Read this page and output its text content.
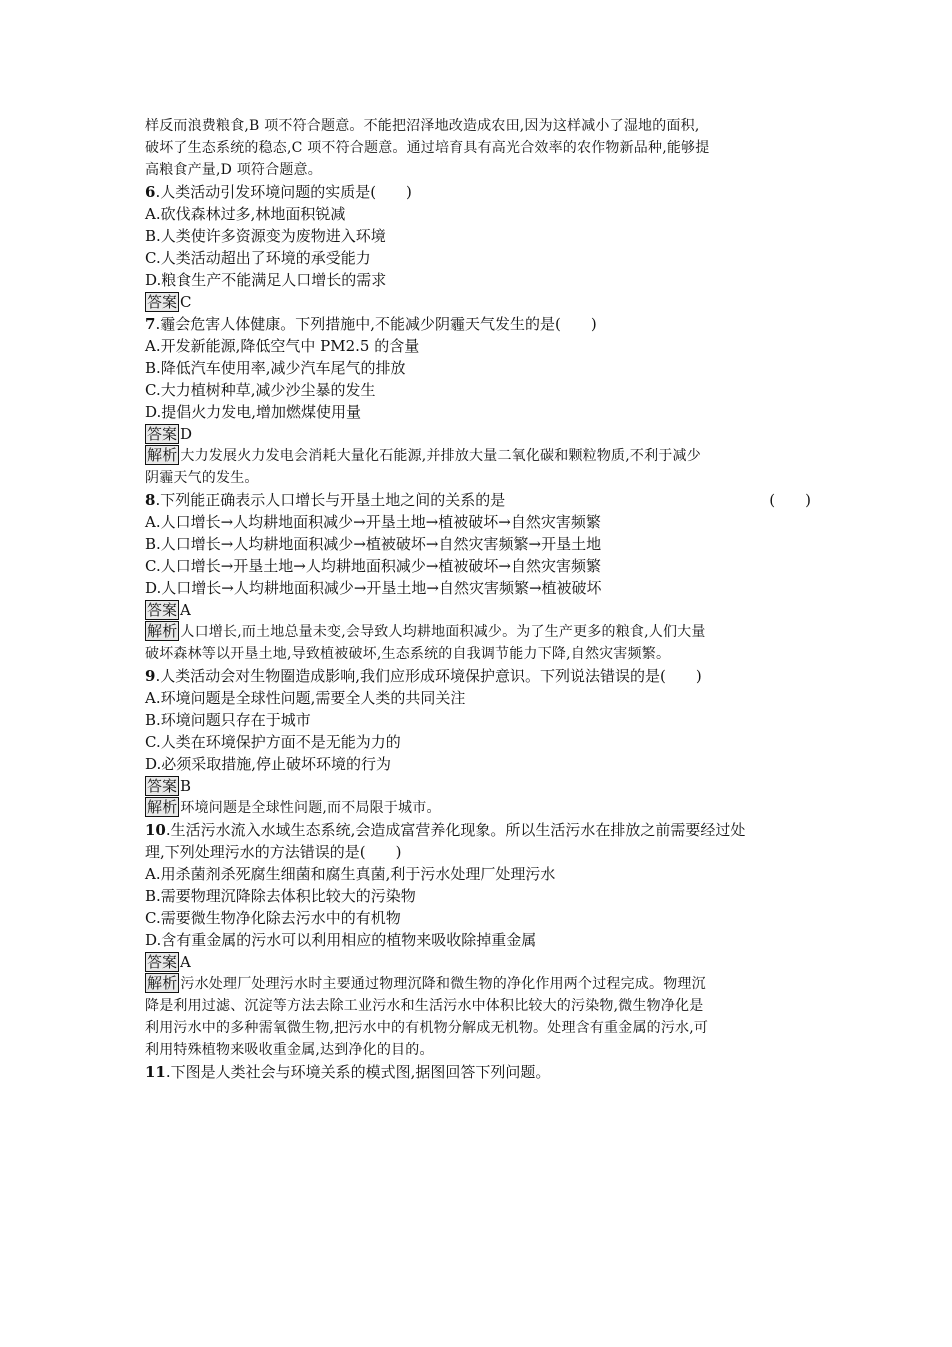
样反而浪费粮食,B 项不符合题意。不能把沼泽地改造成农田,因为这样减小了湿地的面积,
破坏了生态系统的稳态,C 项不符合题意。通过培育具有高光合效率的农作物新品种,能够提
高粮食产量,D 项符合题意。
6.人类活动引发环境问题的实质是(　　)
A.砍伐森林过多,林地面积锐减
B.人类使许多资源变为废物进入环境
C.人类活动超出了环境的承受能力
D.粮食生产不能满足人口增长的需求
答案 C
7.霾会危害人体健康。下列措施中,不能减少阴霾天气发生的是(　　)
A.开发新能源,降低空气中 PM2.5 的含量
B.降低汽车使用率,减少汽车尾气的排放
C.大力植树种草,减少沙尘暴的发生
D.提倡火力发电,增加燃煤使用量
答案 D
解析 大力发展火力发电会消耗大量化石能源,并排放大量二氧化碳和颗粒物质,不利于减少
阴霾天气的发生。
8.下列能正确表示人口增长与开垦土地之间的关系的是	(　　)
A.人口增长→人均耕地面积减少→开垦土地→植被破坏→自然灾害频繁
B.人口增长→人均耕地面积减少→植被破坏→自然灾害频繁→开垦土地
C.人口增长→开垦土地→人均耕地面积减少→植被破坏→自然灾害频繁
D.人口增长→人均耕地面积减少→开垦土地→自然灾害频繁→植被破坏
答案 A
解析 人口增长,而土地总量未变,会导致人均耕地面积减少。为了生产更多的粮食,人们大量
破坏森林等以开垦土地,导致植被破坏,生态系统的自我调节能力下降,自然灾害频繁。
9.人类活动会对生物圈造成影响,我们应形成环境保护意识。下列说法错误的是(　　)
A.环境问题是全球性问题,需要全人类的共同关注
B.环境问题只存在于城市
C.人类在环境保护方面不是无能为力的
D.必须采取措施,停止破坏环境的行为
答案 B
解析 环境问题是全球性问题,而不局限于城市。
10.生活污水流入水域生态系统,会造成富营养化现象。所以生活污水在排放之前需要经过处
理,下列处理污水的方法错误的是(　　)
A.用杀菌剂杀死腐生细菌和腐生真菌,利于污水处理厂处理污水
B.需要物理沉降除去体积比较大的污染物
C.需要微生物净化除去污水中的有机物
D.含有重金属的污水可以利用相应的植物来吸收除掉重金属
答案 A
解析 污水处理厂处理污水时主要通过物理沉降和微生物的净化作用两个过程完成。物理沉
降是利用过滤、沉淀等方法去除工业污水和生活污水中体积比较大的污染物,微生物净化是
利用污水中的多种需氧微生物,把污水中的有机物分解成无机物。处理含有重金属的污水,可
利用特殊植物来吸收重金属,达到净化的目的。
11.下图是人类社会与环境关系的模式图,据图回答下列问题。
